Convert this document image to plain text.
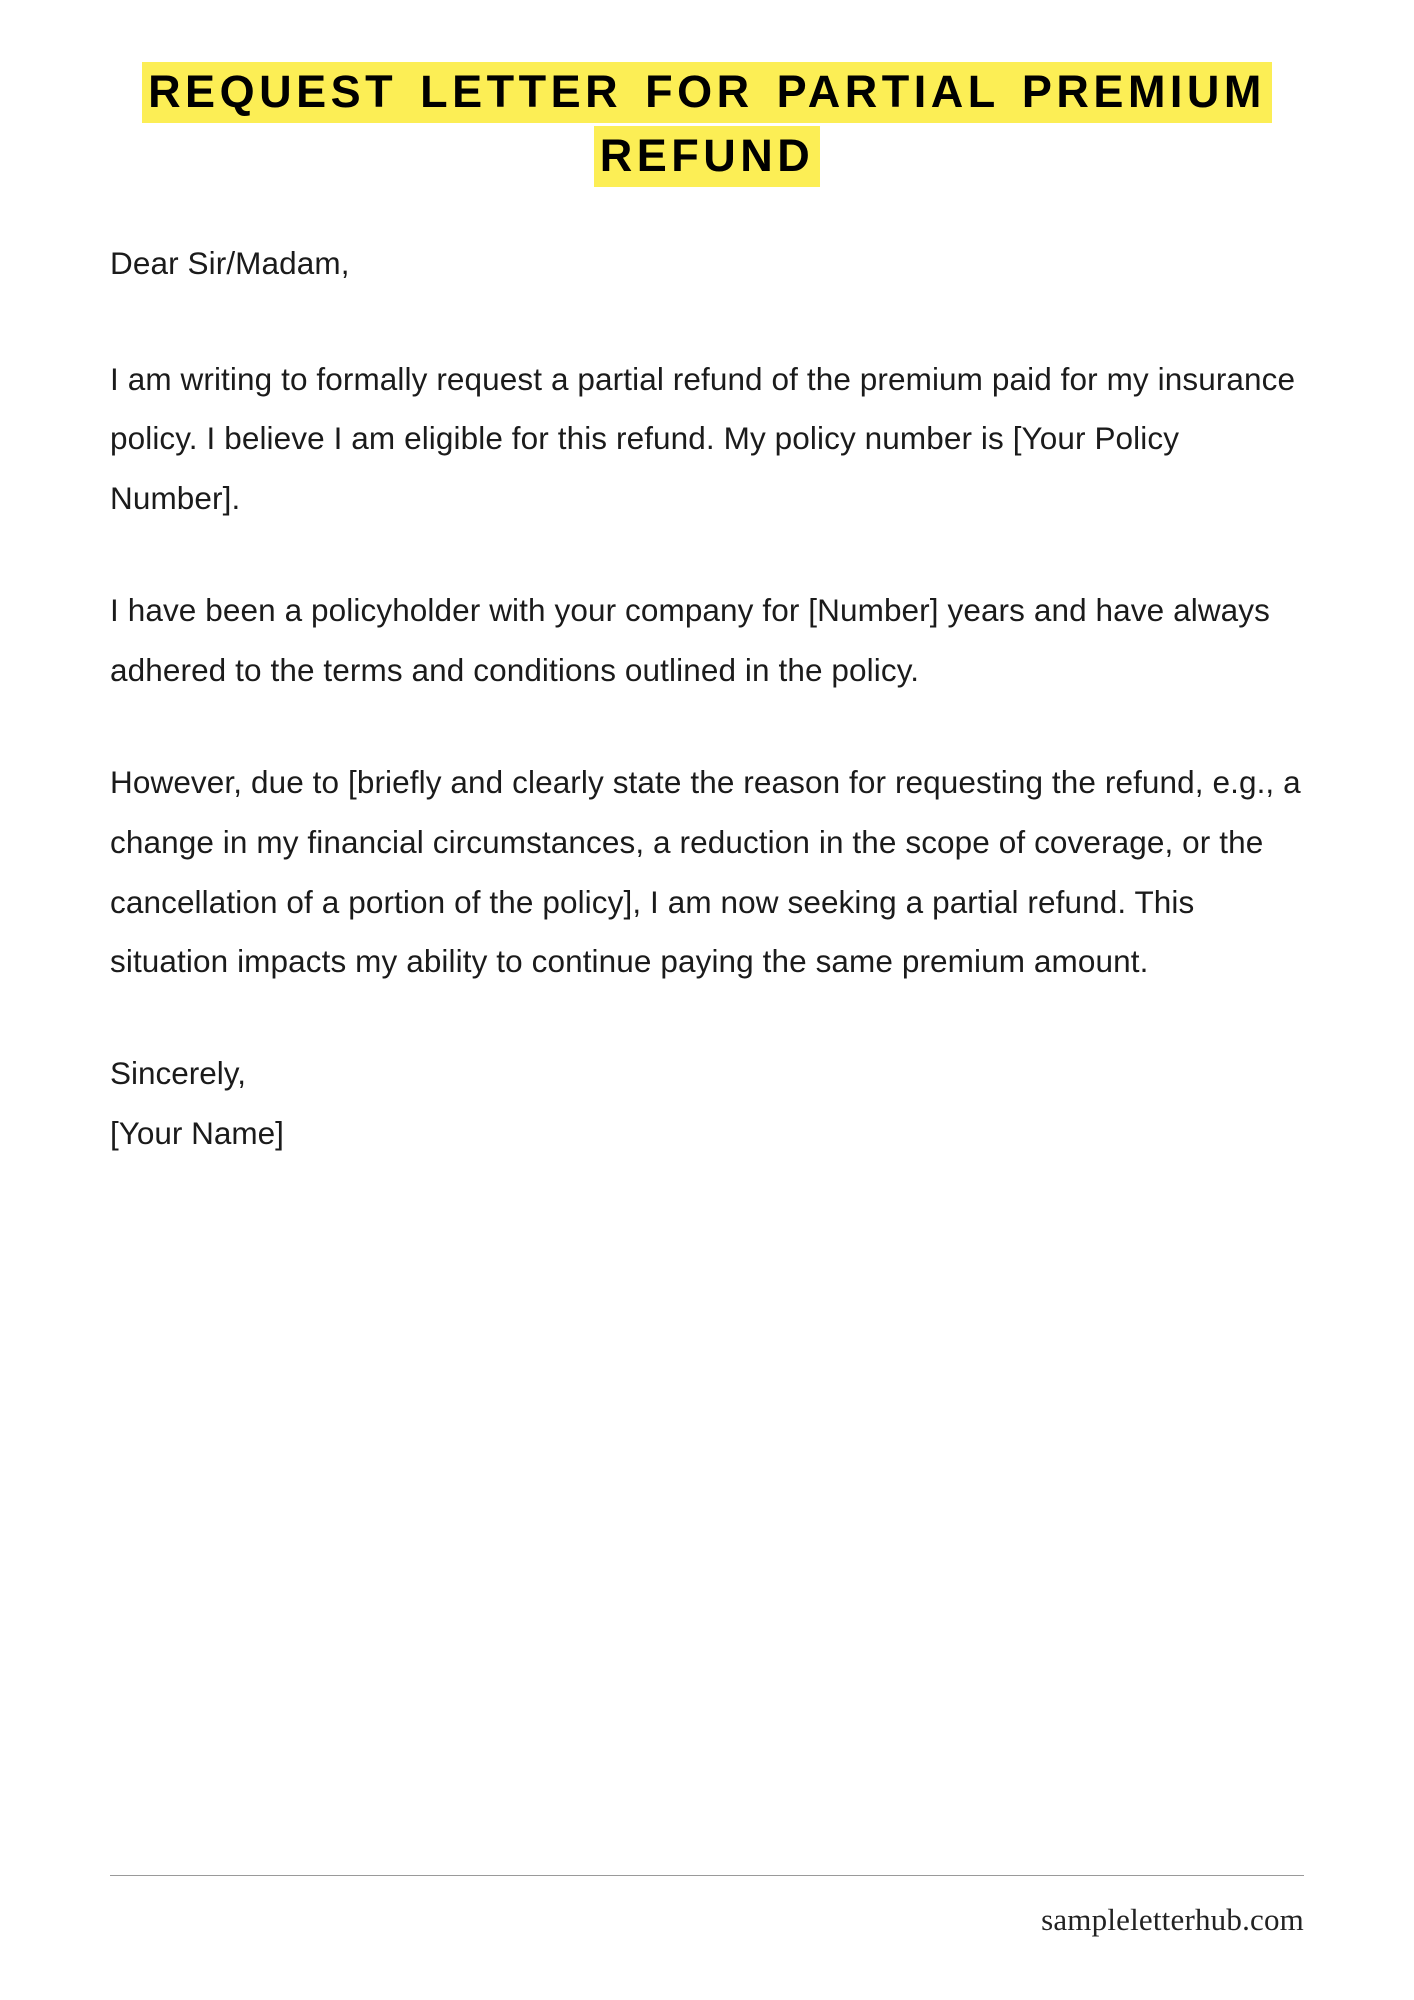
REQUEST LETTER FOR PARTIAL PREMIUM REFUND

Dear Sir/Madam,

I am writing to formally request a partial refund of the premium paid for my insurance policy. I believe I am eligible for this refund. My policy number is [Your Policy Number].

I have been a policyholder with your company for [Number] years and have always adhered to the terms and conditions outlined in the policy.

However, due to [briefly and clearly state the reason for requesting the refund, e.g., a change in my financial circumstances, a reduction in the scope of coverage, or the cancellation of a portion of the policy], I am now seeking a partial refund. This situation impacts my ability to continue paying the same premium amount.

Sincerely,

[Your Name]

sampleletterhub.com
